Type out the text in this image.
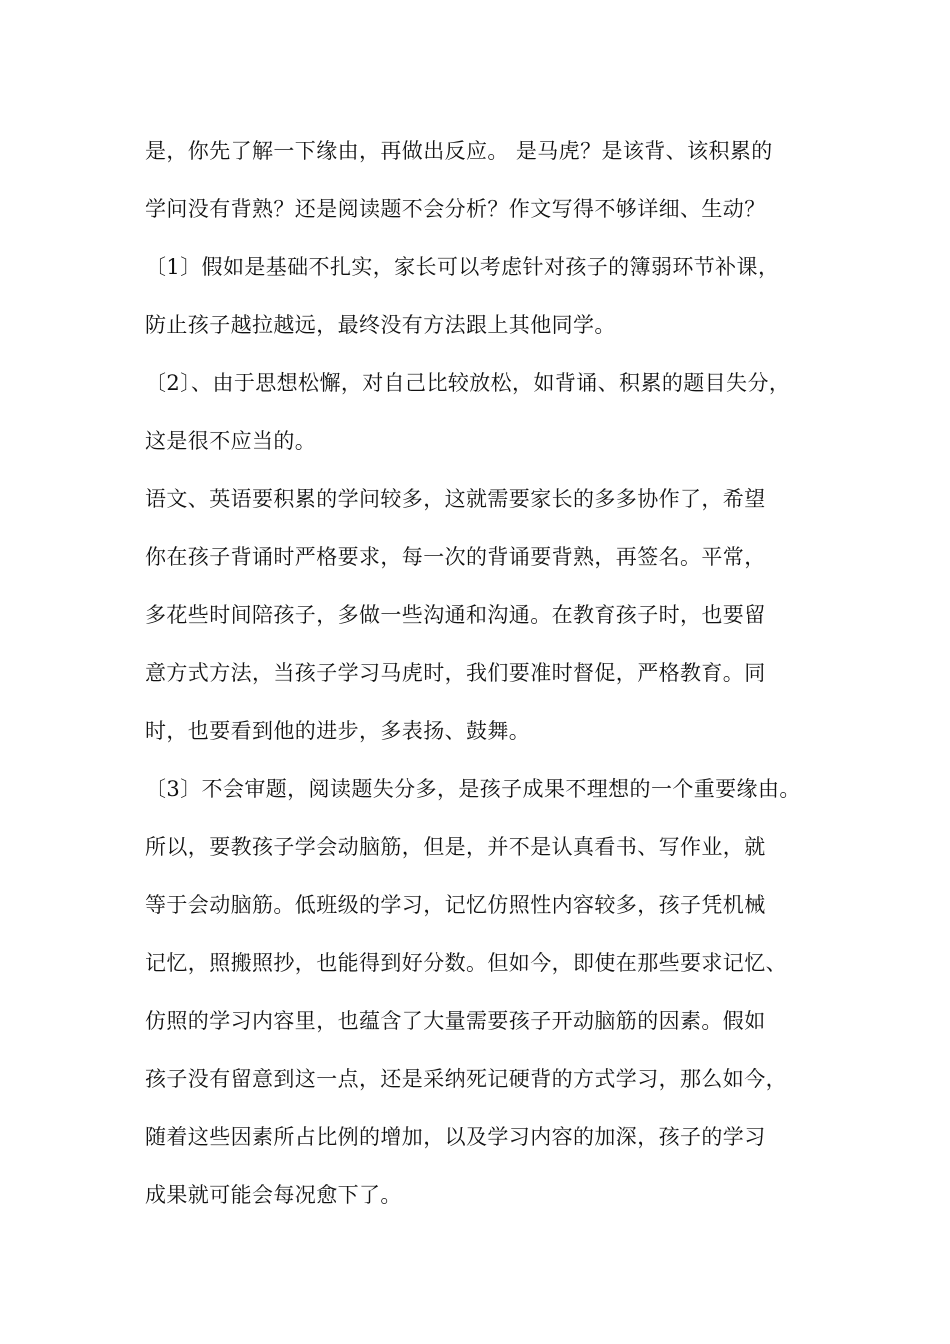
是，你先了解一下缘由，再做出反应。 是马虎？是该背、该积累的
学问没有背熟？还是阅读题不会分析？作文写得不够详细、生动？
〔1〕假如是基础不扎实，家长可以考虑针对孩子的簿弱环节补课，
防止孩子越拉越远，最终没有方法跟上其他同学。
〔2〕、由于思想松懈，对自己比较放松，如背诵、积累的题目失分，
这是很不应当的。
语文、英语要积累的学问较多，这就需要家长的多多协作了，希望
你在孩子背诵时严格要求，每一次的背诵要背熟，再签名。平常，
多花些时间陪孩子，多做一些沟通和沟通。在教育孩子时，也要留
意方式方法，当孩子学习马虎时，我们要准时督促，严格教育。同
时，也要看到他的进步，多表扬、鼓舞。
〔3〕不会审题，阅读题失分多，是孩子成果不理想的一个重要缘由。
所以，要教孩子学会动脑筋，但是，并不是认真看书、写作业，就
等于会动脑筋。低班级的学习，记忆仿照性内容较多，孩子凭机械
记忆，照搬照抄，也能得到好分数。但如今，即使在那些要求记忆、
仿照的学习内容里，也蕴含了大量需要孩子开动脑筋的因素。假如
孩子没有留意到这一点，还是采纳死记硬背的方式学习，那么如今，
随着这些因素所占比例的增加，以及学习内容的加深，孩子的学习
成果就可能会每况愈下了。
